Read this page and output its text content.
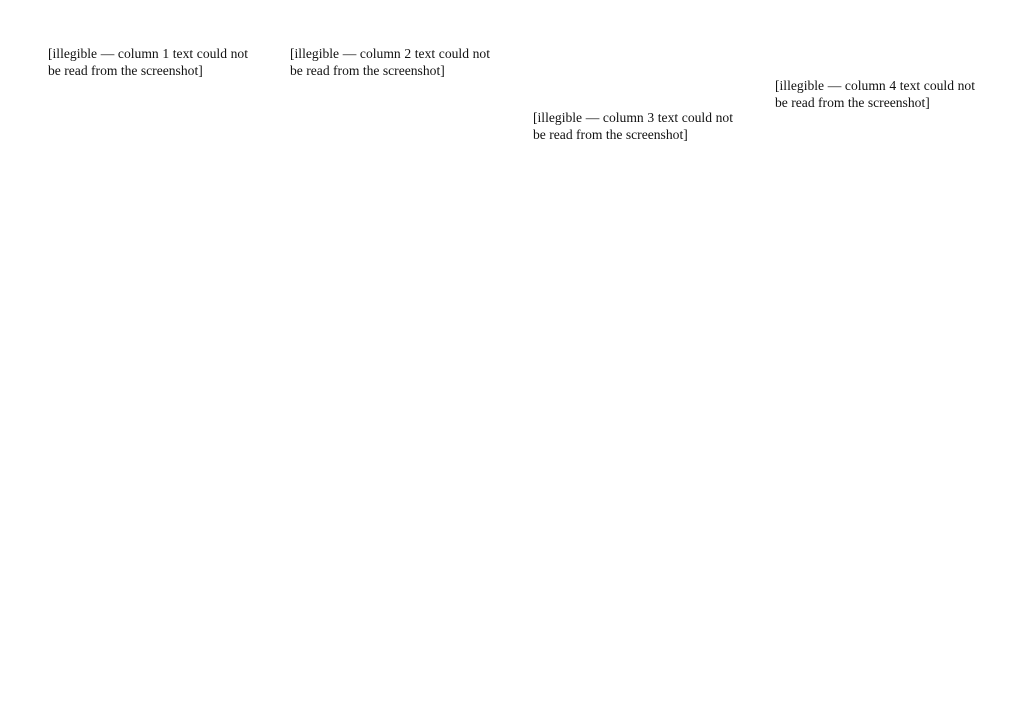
[illegible — column 1 text could not be read from the screenshot]

[illegible — column 2 text could not be read from the screenshot]

[illegible — column 3 text could not be read from the screenshot]

[illegible — column 4 text could not be read from the screenshot]
